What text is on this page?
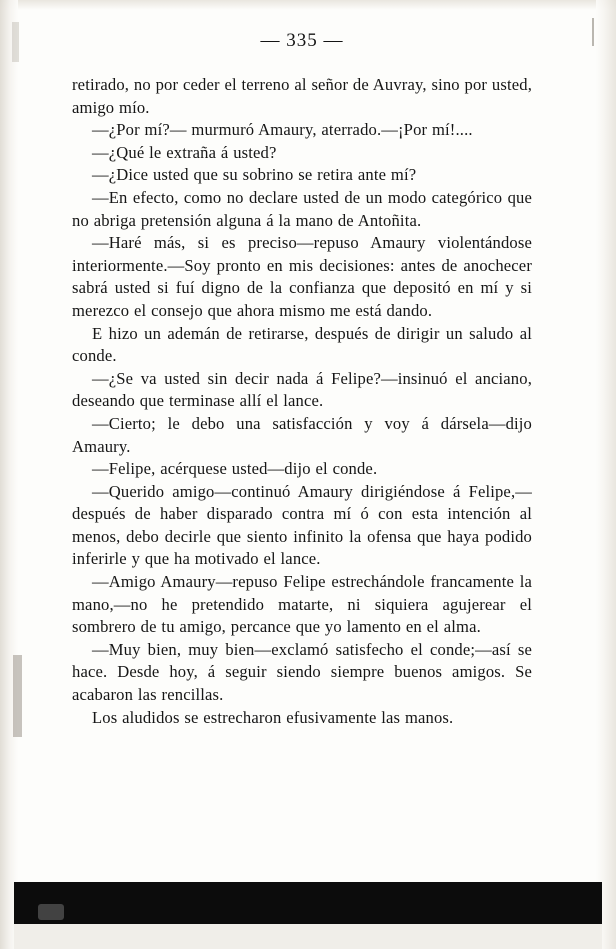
— 335 —

retirado, no por ceder el terreno al señor de Auvray, sino por usted, amigo mío.

—¿Por mí?— murmuró Amaury, aterrado.—¡Por mí!....

—¿Qué le extraña á usted?

—¿Dice usted que su sobrino se retira ante mí?

—En efecto, como no declare usted de un modo categórico que no abriga pretensión alguna á la mano de Antoñita.

—Haré más, si es preciso—repuso Amaury violentándose interiormente.—Soy pronto en mis decisiones: antes de anochecer sabrá usted si fuí digno de la confianza que depositó en mí y si merezco el consejo que ahora mismo me está dando.

E hizo un ademán de retirarse, después de dirigir un saludo al conde.

—¿Se va usted sin decir nada á Felipe?—insinuó el anciano, deseando que terminase allí el lance.

—Cierto; le debo una satisfacción y voy á dársela—dijo Amaury.

—Felipe, acérquese usted—dijo el conde.

—Querido amigo—continuó Amaury dirigiéndose á Felipe,—después de haber disparado contra mí ó con esta intención al menos, debo decirle que siento infinito la ofensa que haya podido inferirle y que ha motivado el lance.

—Amigo Amaury—repuso Felipe estrechándole francamente la mano,—no he pretendido matarte, ni siquiera agujerear el sombrero de tu amigo, percance que yo lamento en el alma.

—Muy bien, muy bien—exclamó satisfecho el conde;—así se hace. Desde hoy, á seguir siendo siempre buenos amigos. Se acabaron las rencillas.

Los aludidos se estrecharon efusivamente las manos.
